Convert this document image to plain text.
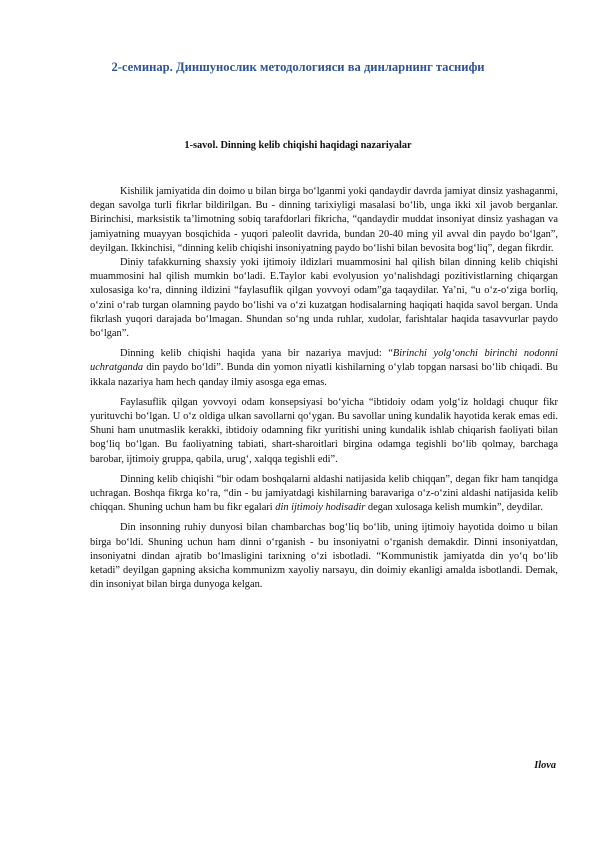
2-семинар. Диншунослик методологияси ва динларнинг таснифи
1-savol. Dinning kelib chiqishi haqidagi nazariyalar

Kishilik jamiyatida din doimo u bilan birga bo‘lganmi yoki qandaydir davrda jamiyat dinsiz yashaganmi, degan savolga turli fikrlar bildirilgan. Bu - dinning tarixiyligi masalasi bo‘lib, unga ikki xil javob berganlar. Birinchisi, marksistik ta’limotning sobiq tarafdorlari fikricha, “qandaydir muddat insoniyat dinsiz yashagan va jamiyatning muayyan bosqichida - yuqori paleolit davrida, bundan 20-40 ming yil avval din paydo bo‘lgan”, deyilgan. Ikkinchisi, “dinning kelib chiqishi insoniyatning paydo bo‘lishi bilan bevosita bog‘liq”, degan fikrdir.

Diniy tafakkurning shaxsiy yoki ijtimoiy ildizlari muammosini hal qilish bilan dinning kelib chiqishi muammosini hal qilish mumkin bo‘ladi. E.Taylor kabi evolyusion yo‘nalishdagi pozitivistlarning chiqargan xulosasiga ko‘ra, dinning ildizini “faylasuflik qilgan yovvoyi odam”ga taqaydilar. Ya’ni, “u o‘z-o‘ziga borliq, o‘zini o‘rab turgan olamning paydo bo‘lishi va o‘zi kuzatgan hodisalarning haqiqati haqida savol bergan. Unda fikrlash yuqori darajada bo‘lmagan. Shundan so‘ng unda ruhlar, xudolar, farishtalar haqida tasavvurlar paydo bo‘lgan”.

Dinning kelib chiqishi haqida yana bir nazariya mavjud: “Birinchi yolg‘onchi birinchi nodonni uchratganda din paydo bo‘ldi”. Bunda din yomon niyatli kishilarning o‘ylab topgan narsasi bo‘lib chiqadi. Bu ikkala nazariya ham hech qanday ilmiy asosga ega emas.

Faylasuflik qilgan yovvoyi odam konsepsiyasi bo‘yicha “ibtidoiy odam yolg‘iz holdagi chuqur fikr yurituvchi bo‘lgan. U o‘z oldiga ulkan savollarni qo‘ygan. Bu savollar uning kundalik hayotida kerak emas edi. Shuni ham unutmaslik kerakki, ibtidoiy odamning fikr yuritishi uning kundalik ishlab chiqarish faoliyati bilan bog‘liq bo‘lgan. Bu faoliyatning tabiati, shart-sharoitlari birgina odamga tegishli bo‘lib qolmay, barchaga barobar, ijtimoiy gruppa, qabila, urug‘, xalqqa tegishli edi”.

Dinning kelib chiqishi “bir odam boshqalarni aldashi natijasida kelib chiqqan”, degan fikr ham tanqidga uchragan. Boshqa fikrga ko‘ra, “din - bu jamiyatdagi kishilarning baravariga o‘z-o‘zini aldashi natijasida kelib chiqqan. Shuning uchun ham bu fikr egalari din ijtimoiy hodisadir degan xulosaga kelish mumkin”, deydilar.

Din insonning ruhiy dunyosi bilan chambarchas bog‘liq bo‘lib, uning ijtimoiy hayotida doimo u bilan birga bo‘ldi. Shuning uchun ham dinni o‘rganish - bu insoniyatni o‘rganish demakdir. Dinni insoniyatdan, insoniyatni dindan ajratib bo‘lmasligini tarixning o‘zi isbotladi. “Kommunistik jamiyatda din yo‘q bo‘lib ketadi” deyilgan gapning aksicha kommunizm xayoliy narsayu, din doimiy ekanligi amalda isbotlandi. Demak, din insoniyat bilan birga dunyoga kelgan.

Ilova
